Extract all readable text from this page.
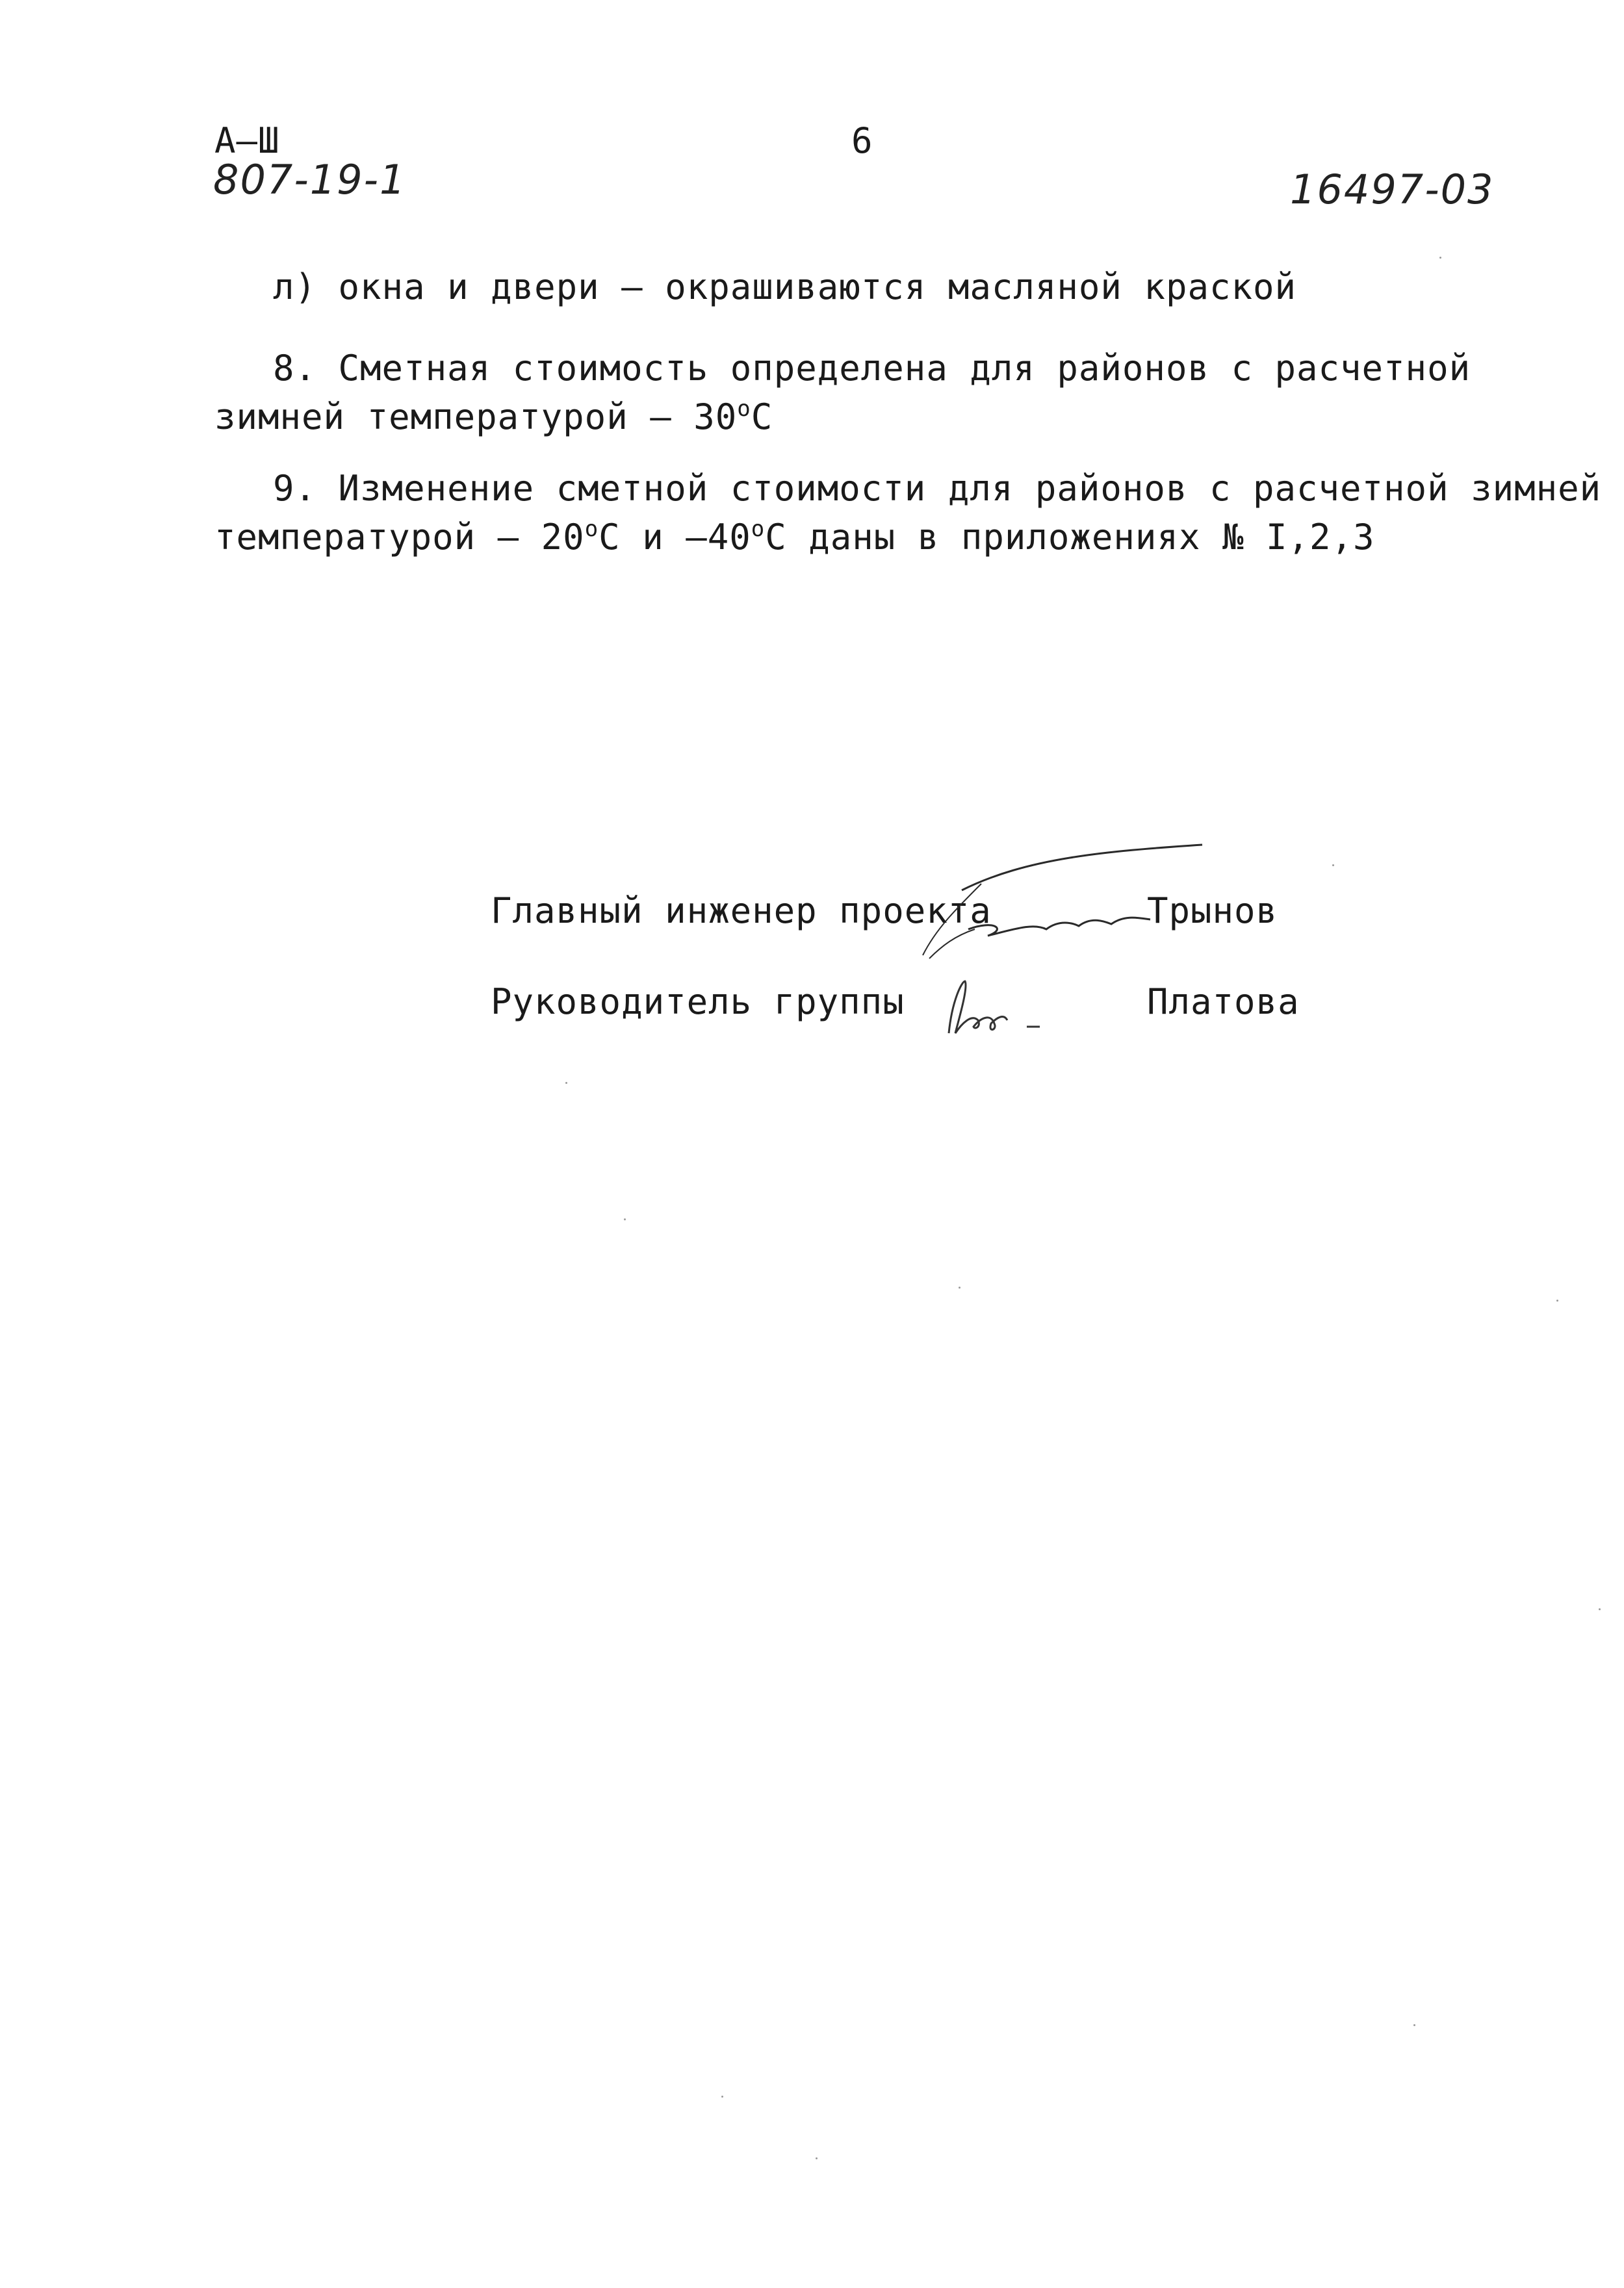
А–Ш
807-19-1
6
16497-03
л) окна и двери – окрашиваются масляной краской
8. Сметная стоимость определена для районов с расчетной
зимней температурой – 30oC
9. Изменение сметной стоимости для районов с расчетной зимней
температурой – 20oC и –40oC даны в приложениях № I,2,3
Главный инженер проекта	Трынов
Руководитель группы	Платова
